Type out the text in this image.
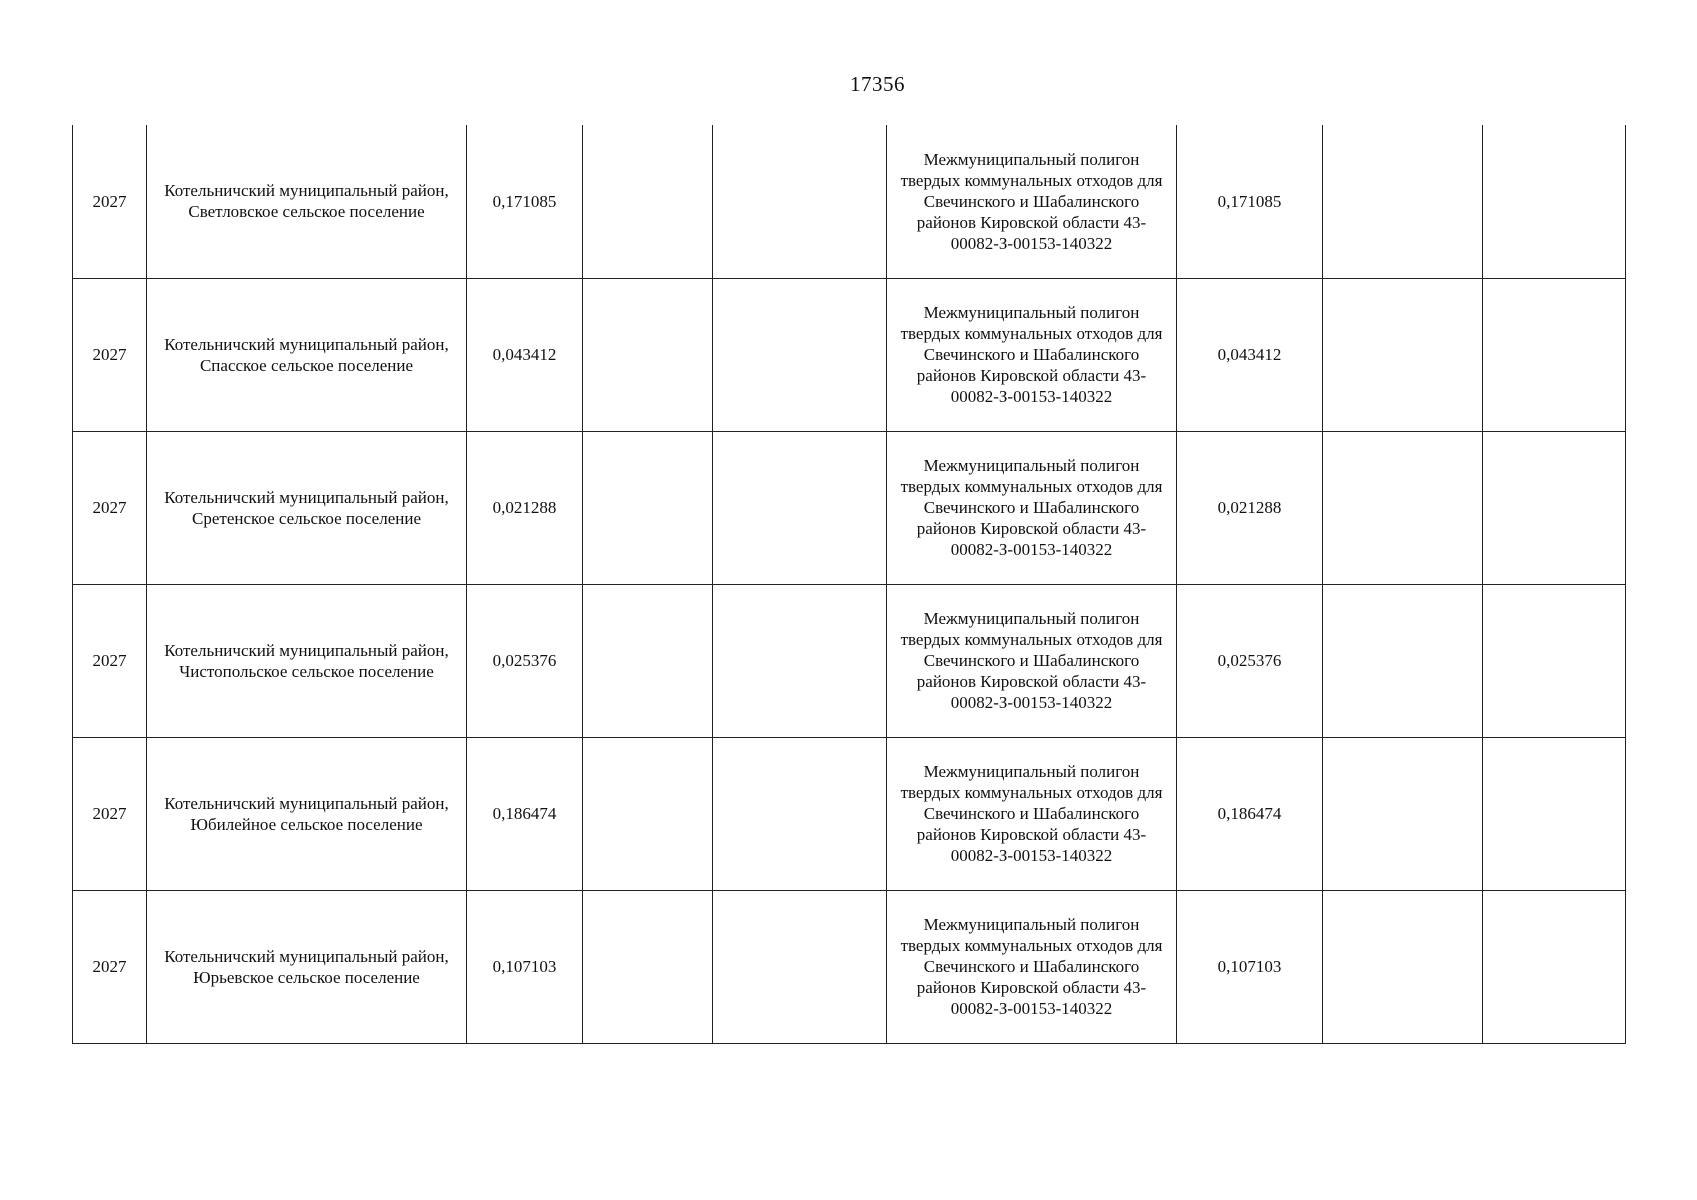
17356
2027	Котельничский муниципальный район, Светловское сельское поселение	0,171085			Межмуниципальный полигон твердых коммунальных отходов для Свечинского и Шабалинского районов Кировской области 43-00082-З-00153-140322	0,171085		
2027	Котельничский муниципальный район, Спасское сельское поселение	0,043412			Межмуниципальный полигон твердых коммунальных отходов для Свечинского и Шабалинского районов Кировской области 43-00082-З-00153-140322	0,043412		
2027	Котельничский муниципальный район, Сретенское сельское поселение	0,021288			Межмуниципальный полигон твердых коммунальных отходов для Свечинского и Шабалинского районов Кировской области 43-00082-З-00153-140322	0,021288		
2027	Котельничский муниципальный район, Чистопольское сельское поселение	0,025376			Межмуниципальный полигон твердых коммунальных отходов для Свечинского и Шабалинского районов Кировской области 43-00082-З-00153-140322	0,025376		
2027	Котельничский муниципальный район, Юбилейное сельское поселение	0,186474			Межмуниципальный полигон твердых коммунальных отходов для Свечинского и Шабалинского районов Кировской области 43-00082-З-00153-140322	0,186474		
2027	Котельничский муниципальный район, Юрьевское сельское поселение	0,107103			Межмуниципальный полигон твердых коммунальных отходов для Свечинского и Шабалинского районов Кировской области 43-00082-З-00153-140322	0,107103		
